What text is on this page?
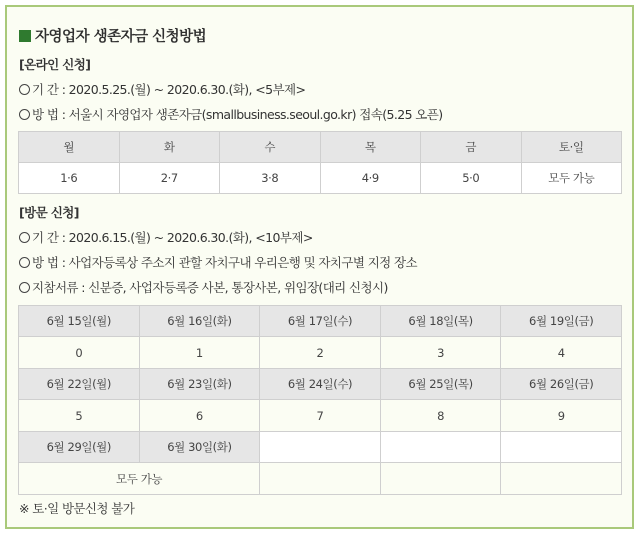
자영업자 생존자금 신청방법
[온라인 신청]
기 간 : 2020.5.25.(월) ~ 2020.6.30.(화), <5부제>
방 법 : 서울시 자영업자 생존자금(smallbusiness.seoul.go.kr) 접속(5.25 오픈)
월	화	수	목	금	토·일
1·6	2·7	3·8	4·9	5·0	모두 가능
[방문 신청]
기 간 : 2020.6.15.(월) ~ 2020.6.30.(화), <10부제>
방 법 : 사업자등록상 주소지 관할 자치구내 우리은행 및 자치구별 지정 장소
지참서류 : 신분증, 사업자등록증 사본, 통장사본, 위임장(대리 신청시)
6월 15일(월)	6월 16일(화)	6월 17일(수)	6월 18일(목)	6월 19일(금)
0	1	2	3	4
6월 22일(월)	6월 23일(화)	6월 24일(수)	6월 25일(목)	6월 26일(금)
5	6	7	8	9
6월 29일(월)	6월 30일(화)			
모두 가능				
※ 토·일 방문신청 불가
